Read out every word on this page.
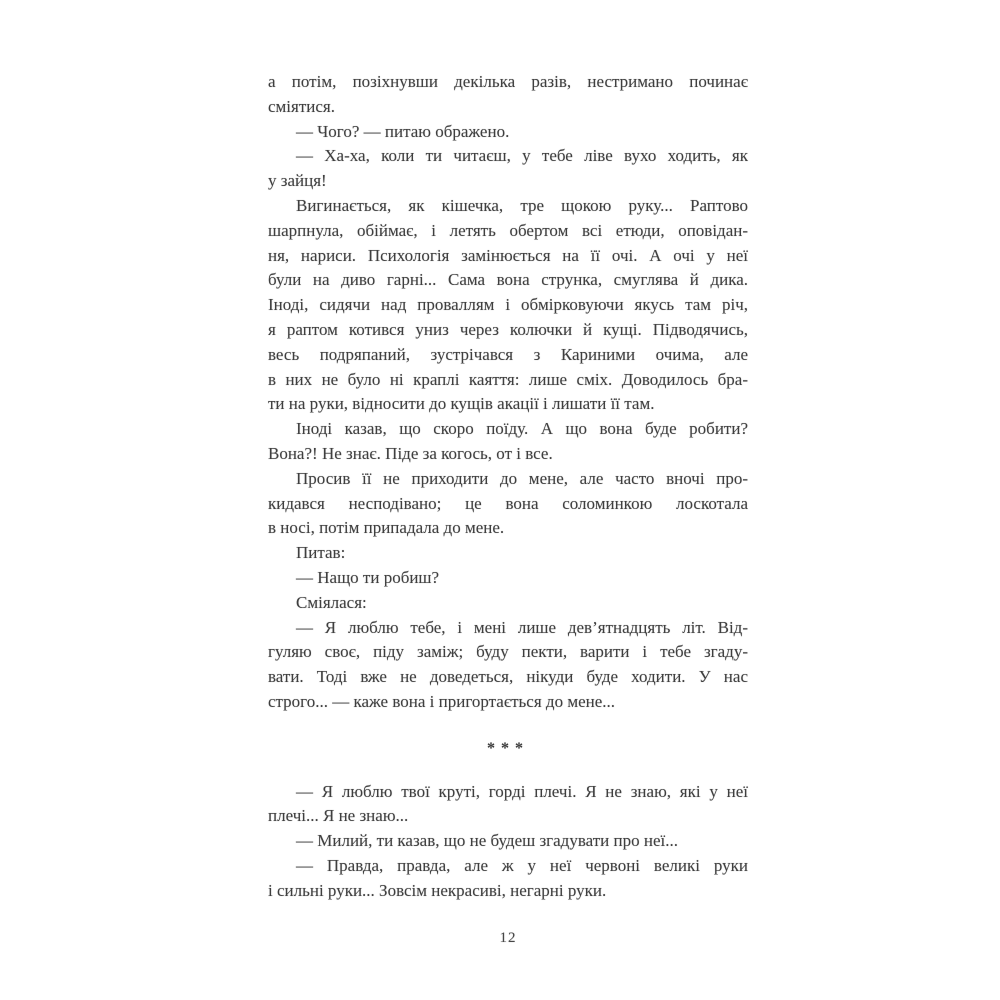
а потім, позіхнувши декілька разів, нестримано починає
сміятися.
— Чого? — питаю ображено.
— Ха-ха, коли ти читаєш, у тебе ліве вухо ходить, як
у зайця!
Вигинається, як кішечка, тре щокою руку... Раптово
шарпнула, обіймає, і летять обертом всі етюди, оповідан-
ня, нариси. Психологія замінюється на її очі. А очі у неї
були на диво гарні... Сама вона струнка, смуглява й дика.
Іноді, сидячи над проваллям і обмірковуючи якусь там річ,
я раптом котився униз через колючки й кущі. Підводячись,
весь подряпаний, зустрічався з Кариними очима, але
в них не було ні краплі каяття: лише сміх. Доводилось бра-
ти на руки, відносити до кущів акації і лишати її там.
Іноді казав, що скоро поїду. А що вона буде робити?
Вона?! Не знає. Піде за когось, от і все.
Просив її не приходити до мене, але часто вночі про-
кидався несподівано; це вона соломинкою лоскотала
в носі, потім припадала до мене.
Питав:
— Нащо ти робиш?
Сміялася:
— Я люблю тебе, і мені лише дев’ятнадцять літ. Від-
гуляю своє, піду заміж; буду пекти, варити і тебе згаду-
вати. Тоді вже не доведеться, нікуди буде ходити. У нас
строго... — каже вона і пригортається до мене...
***
— Я люблю твої круті, горді плечі. Я не знаю, які у неї
плечі... Я не знаю...
— Милий, ти казав, що не будеш згадувати про неї...
— Правда, правда, але ж у неї червоні великі руки
і сильні руки... Зовсім некрасиві, негарні руки.
12
